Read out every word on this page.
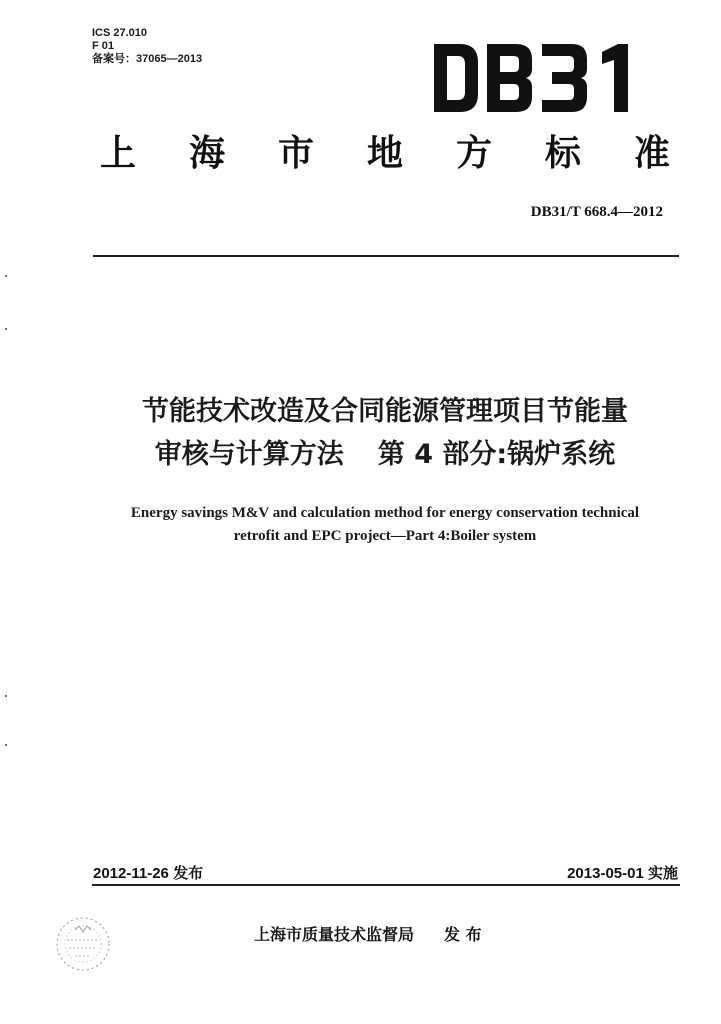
ICS 27.010
F 01
备案号：37065—2013
上 海 市 地 方 标 准
DB31/T 668.4—2012
节能技术改造及合同能源管理项目节能量
审核与计算方法 第 4 部分:锅炉系统
Energy savings M&V and calculation method for energy conservation technical
retrofit and EPC project—Part 4:Boiler system
2012-11-26 发布	2013-05-01 实施
上海市质量技术监督局 发 布
